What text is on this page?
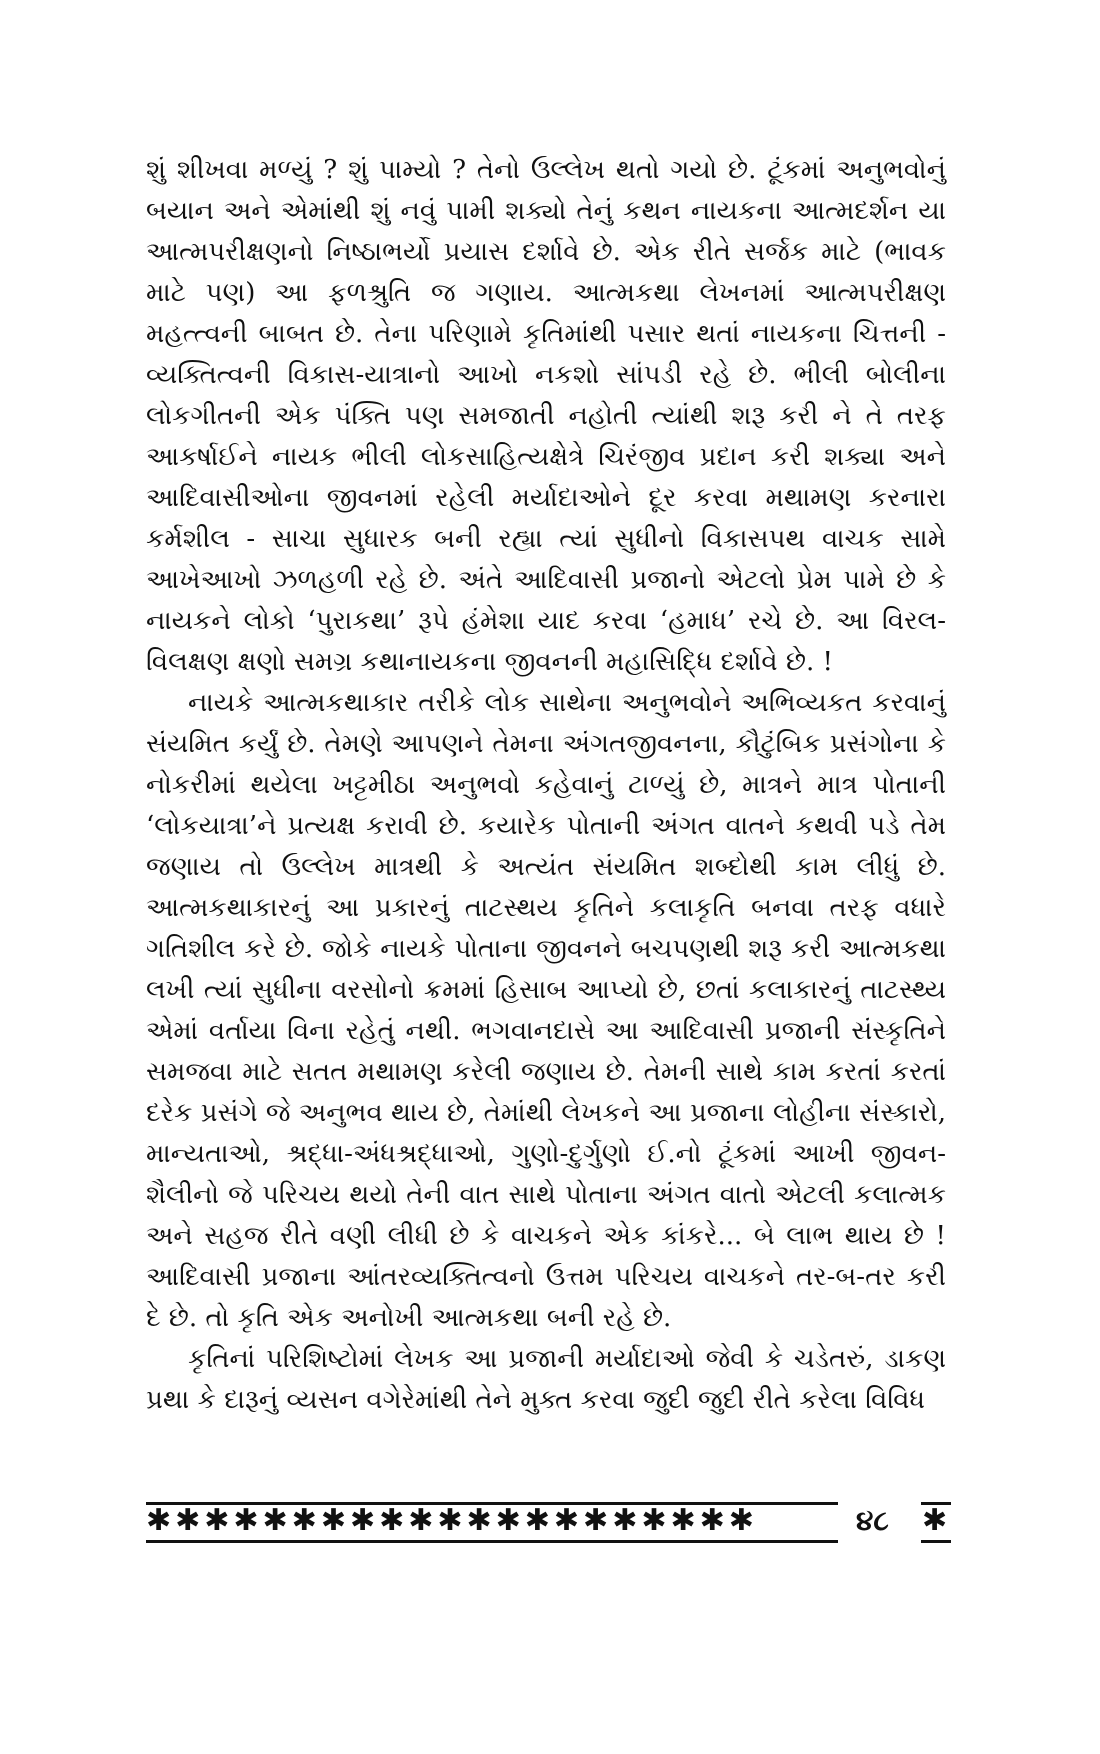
શું શીખવા મળ્યું ? શું પામ્યો ? તેનો ઉલ્લેખ થતો ગયો છે. ટૂંકમાં અનુભવોનું બયાન અને એમાંથી શું નવું પામી શક્યો તેનું કથન નાયકના આત્મદર્શન યા આત્મપરીક્ષણનો નિષ્ઠાભર્યો પ્રયાસ દર્શાવે છે. એક રીતે સર્જક માટે (ભાવક માટે પણ) આ ફળશ્રુતિ જ ગણાય. આત્મકથા લેખનમાં આત્મપરીક્ષણ મહત્ત્વની બાબત છે. તેના પરિણામે કૃતિમાંથી પસાર થતાં નાયકના ચિત્તની - વ્યક્તિત્વની વિકાસ-યાત્રાનો આખો નકશો સાંપડી રહે છે. ભીલી બોલીના લોકગીતની એક પંક્તિ પણ સમજાતી નહોતી ત્યાંથી શરૂ કરી ને તે તરફ આકર્ષાઈને નાયક ભીલી લોકસાહિત્યક્ષેત્રે ચિરંજીવ પ્રદાન કરી શક્યા અને આદિવાસીઓના જીવનમાં રહેલી મર્યાદાઓને દૂર કરવા મથામણ કરનારા કર્મશીલ - સાચા સુધારક બની રહ્યા ત્યાં સુધીનો વિકાસપથ વાચક સામે આખેઆખો ઝળહળી રહે છે. અંતે આદિવાસી પ્રજાનો એટલો પ્રેમ પામે છે કે નાયકને લોકો ‘પુરાકથા’ રૂપે હંમેશા યાદ કરવા ‘હમાધ’ રચે છે. આ વિરલ-વિલક્ષણ ક્ષણો સમગ્ર કથાનાયકના જીવનની મહાસિદ્ધિ દર્શાવે છે. !

નાયકે આત્મકથાકાર તરીકે લોક સાથેના અનુભવોને અભિવ્યકત કરવાનું સંયમિત કર્યું છે. તેમણે આપણને તેમના અંગતજીવનના, કૌટુંબિક પ્રસંગોના કે નોકરીમાં થયેલા ખટ્ટમીઠા અનુભવો કહેવાનું ટાળ્યું છે, માત્રને માત્ર પોતાની ‘લોકયાત્રા’ને પ્રત્યક્ષ કરાવી છે. કયારેક પોતાની અંગત વાતને કથવી પડે તેમ જણાય તો ઉલ્લેખ માત્રથી કે અત્યંત સંયમિત શબ્દોથી કામ લીધું છે. આત્મકથાકારનું આ પ્રકારનું તાટસ્થય કૃતિને કલાકૃતિ બનવા તરફ વધારે ગતિશીલ કરે છે. જોકે નાયકે પોતાના જીવનને બચપણથી શરૂ કરી આત્મકથા લખી ત્યાં સુધીના વરસોનો ક્રમમાં હિસાબ આપ્યો છે, છતાં કલાકારનું તાટસ્થ્ય એમાં વર્તાયા વિના રહેતું નથી. ભગવાનદાસે આ આદિવાસી પ્રજાની સંસ્કૃતિને સમજવા માટે સતત મથામણ કરેલી જણાય છે. તેમની સાથે કામ કરતાં કરતાં દરેક પ્રસંગે જે અનુભવ થાય છે, તેમાંથી લેખકને આ પ્રજાના લોહીના સંસ્કારો, માન્યતાઓ, શ્રદ્ધા-અંધશ્રદ્ધાઓ, ગુણો-દુર્ગુણો ઈ.નો ટૂંકમાં આખી જીવન-શૈલીનો જે પરિચય થયો તેની વાત સાથે પોતાના અંગત વાતો એટલી કલાત્મક અને સહજ રીતે વણી લીધી છે કે વાચકને એક કાંકરે... બે લાભ થાય છે ! આદિવાસી પ્રજાના આંતરવ્યક્તિત્વનો ઉત્તમ પરિચય વાચકને તર-બ-તર કરી દે છે. તો કૃતિ એક અનોખી આત્મકથા બની રહે છે.

કૃતિનાં પરિશિષ્ટોમાં લેખક આ પ્રજાની મર્યાદાઓ જેવી કે ચડેતરું, ડાકણ પ્રથા કે દારૂનું વ્યસન વગેરેમાંથી તેને મુક્ત કરવા જુદી જુદી રીતે કરેલા વિવિધ

✱✱✱✱✱✱✱✱✱✱✱✱✱✱✱✱✱✱✱✱✱	૪૮ ✱
